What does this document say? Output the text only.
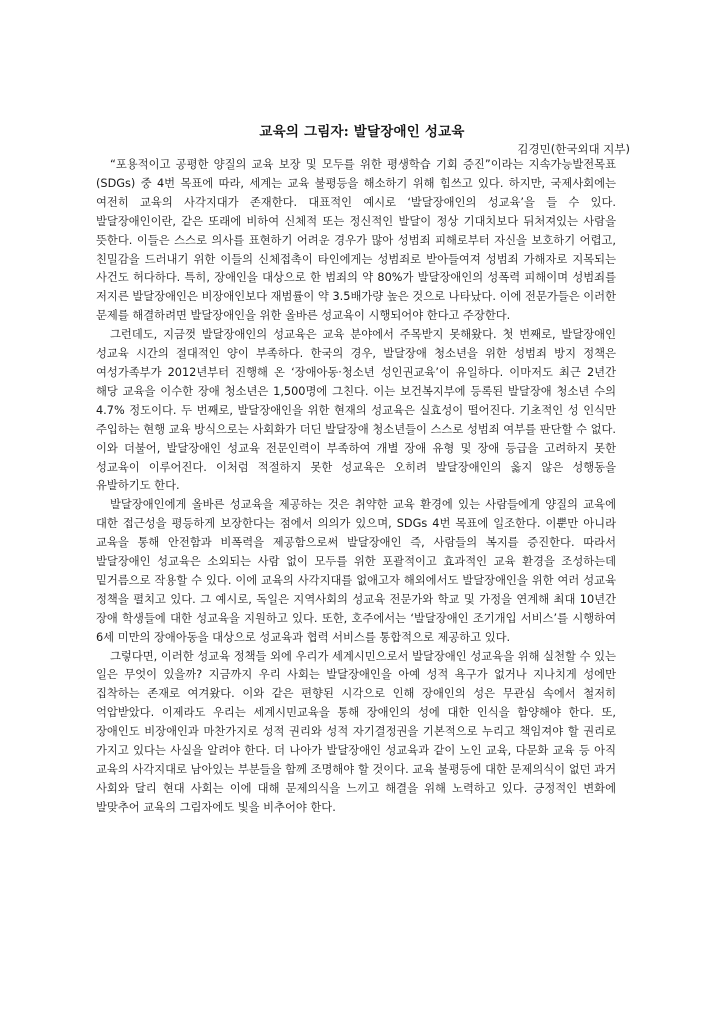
교육의 그림자: 발달장애인 성교육
김경민(한국외대 지부)

“포용적이고 공평한 양질의 교육 보장 및 모두를 위한 평생학습 기회 증진”이라는 지속가능발전목표(SDGs) 중 4번 목표에 따라, 세계는 교육 불평등을 해소하기 위해 힘쓰고 있다. 하지만, 국제사회에는 여전히 교육의 사각지대가 존재한다. 대표적인 예시로 ‘발달장애인의 성교육’을 들 수 있다. 발달장애인이란, 같은 또래에 비하여 신체적 또는 정신적인 발달이 정상 기대치보다 뒤처져있는 사람을 뜻한다. 이들은 스스로 의사를 표현하기 어려운 경우가 많아 성범죄 피해로부터 자신을 보호하기 어렵고, 친밀감을 드러내기 위한 이들의 신체접촉이 타인에게는 성범죄로 받아들여져 성범죄 가해자로 지목되는 사건도 허다하다. 특히, 장애인을 대상으로 한 범죄의 약 80%가 발달장애인의 성폭력 피해이며 성범죄를 저지른 발달장애인은 비장애인보다 재범률이 약 3.5배가량 높은 것으로 나타났다. 이에 전문가들은 이러한 문제를 해결하려면 발달장애인을 위한 올바른 성교육이 시행되어야 한다고 주장한다.

그런데도, 지금껏 발달장애인의 성교육은 교육 분야에서 주목받지 못해왔다. 첫 번째로, 발달장애인 성교육 시간의 절대적인 양이 부족하다. 한국의 경우, 발달장애 청소년을 위한 성범죄 방지 정책은 여성가족부가 2012년부터 진행해 온 ‘장애아동·청소년 성인권교육’이 유일하다. 이마저도 최근 2년간 해당 교육을 이수한 장애 청소년은 1,500명에 그친다. 이는 보건복지부에 등록된 발달장애 청소년 수의 4.7% 정도이다. 두 번째로, 발달장애인을 위한 현재의 성교육은 실효성이 떨어진다. 기초적인 성 인식만 주입하는 현행 교육 방식으로는 사회화가 더딘 발달장애 청소년들이 스스로 성범죄 여부를 판단할 수 없다. 이와 더불어, 발달장애인 성교육 전문인력이 부족하여 개별 장애 유형 및 장애 등급을 고려하지 못한 성교육이 이루어진다. 이처럼 적절하지 못한 성교육은 오히려 발달장애인의 옳지 않은 성행동을 유발하기도 한다.

발달장애인에게 올바른 성교육을 제공하는 것은 취약한 교육 환경에 있는 사람들에게 양질의 교육에 대한 접근성을 평등하게 보장한다는 점에서 의의가 있으며, SDGs 4번 목표에 일조한다. 이뿐만 아니라 교육을 통해 안전함과 비폭력을 제공함으로써 발달장애인 즉, 사람들의 복지를 증진한다. 따라서 발달장애인 성교육은 소외되는 사람 없이 모두를 위한 포괄적이고 효과적인 교육 환경을 조성하는데 밑거름으로 작용할 수 있다. 이에 교육의 사각지대를 없애고자 해외에서도 발달장애인을 위한 여러 성교육 정책을 펼치고 있다. 그 예시로, 독일은 지역사회의 성교육 전문가와 학교 및 가정을 연계해 최대 10년간 장애 학생들에 대한 성교육을 지원하고 있다. 또한, 호주에서는 ‘발달장애인 조기개입 서비스’를 시행하여 6세 미만의 장애아동을 대상으로 성교육과 협력 서비스를 통합적으로 제공하고 있다.

그렇다면, 이러한 성교육 정책들 외에 우리가 세계시민으로서 발달장애인 성교육을 위해 실천할 수 있는 일은 무엇이 있을까? 지금까지 우리 사회는 발달장애인을 아예 성적 욕구가 없거나 지나치게 성에만 집착하는 존재로 여겨왔다. 이와 같은 편향된 시각으로 인해 장애인의 성은 무관심 속에서 철저히 억압받았다. 이제라도 우리는 세계시민교육을 통해 장애인의 성에 대한 인식을 함양해야 한다. 또, 장애인도 비장애인과 마찬가지로 성적 권리와 성적 자기결정권을 기본적으로 누리고 책임져야 할 권리로 가지고 있다는 사실을 알려야 한다. 더 나아가 발달장애인 성교육과 같이 노인 교육, 다문화 교육 등 아직 교육의 사각지대로 남아있는 부분들을 함께 조명해야 할 것이다. 교육 불평등에 대한 문제의식이 없던 과거 사회와 달리 현대 사회는 이에 대해 문제의식을 느끼고 해결을 위해 노력하고 있다. 긍정적인 변화에 발맞추어 교육의 그림자에도 빛을 비추어야 한다.
